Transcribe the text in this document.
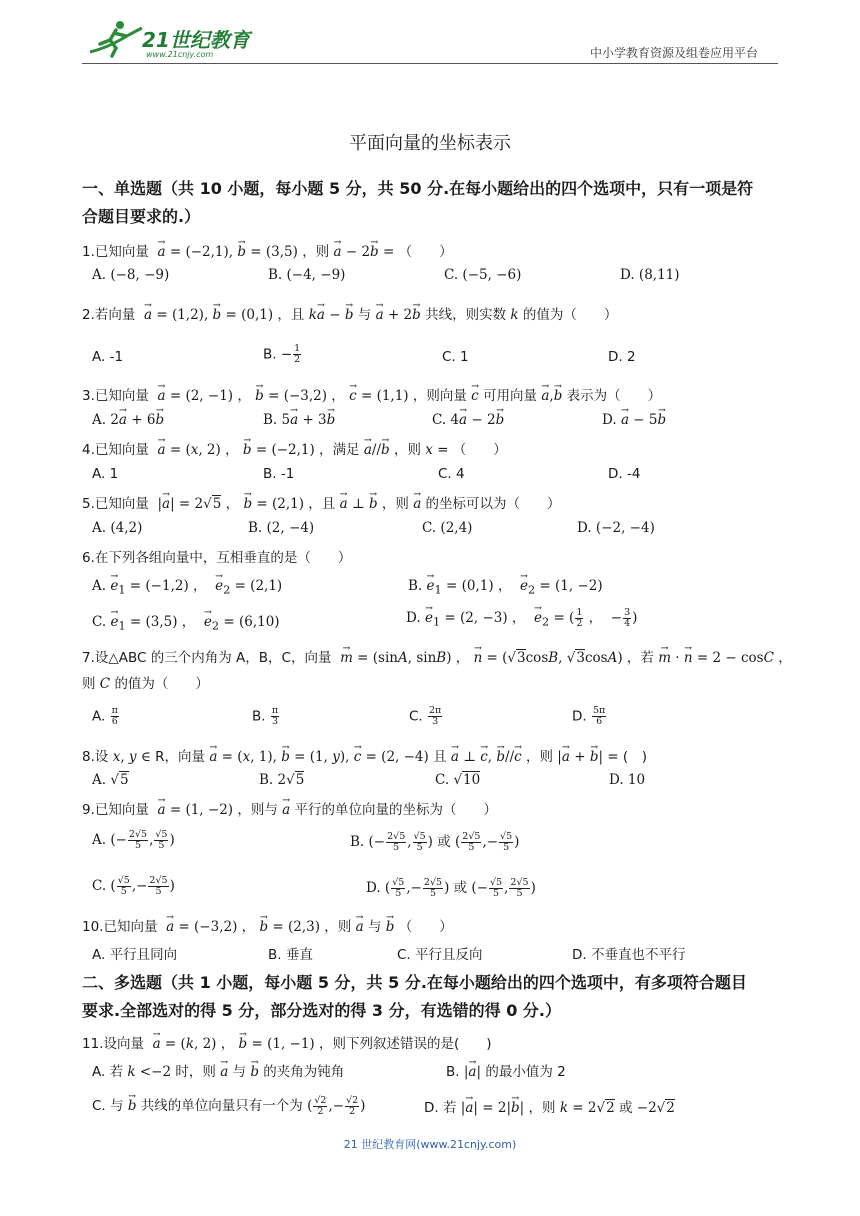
21世纪教育
www.21cnjy.com	中小学教育资源及组卷应用平台
平面向量的坐标表示
一、单选题（共 10 小题，每小题 5 分，共 50 分.在每小题给出的四个选项中，只有一项是符
合题目要求的.）
1.已知向量 → a = (−2,1), → b = (3,5) ，则 → a − 2→ b = （　　）
A. (−8, −9)	B. (−4, −9)	C. (−5, −6)	D. (8,11)
2.若向量 → a = (1,2), → b = (0,1) ，且 k→ a − → b 与 → a + 2→ b 共线，则实数 k 的值为（　　）
A. -1	B. − $\frac{1}{2}$	C. 1	D. 2
3.已知向量 → a = (2, −1) ， → b = (−3,2) ， → c = (1,1) ，则向量 → c 可用向量 → a,→ b 表示为（　　）
A. 2→ a + 6→ b	B. 5→ a + 3→ b	C. 4→ a − 2→ b	D. → a − 5→ b
4.已知向量 → a = (x, 2) ， → b = (−2,1) ，满足 → a//→ b ，则 x = （　　）
A. 1	B. -1	C. 4	D. -4
5.已知向量  |→ a| = 2√5 ， → b = (2,1) ，且 → a ⊥ → b ，则 → a 的坐标可以为（　　）
A. (4,2)	B. (2, −4)	C. (2,4)	D. (−2, −4)
6.在下列各组向量中，互相垂直的是（　　）
A. → $e_1 = (-1,2)$ ，  → $e_2 = (2,1)$	B. → $e_1 = (0,1)$ ，  → $e_2 = (1$, −2)
C. → $e_1 = (3,5)$ ，  → $e_2 = (6,10)$	D. → $e_1 = (2$, −3) ，  → $e_2$ = ( $\frac{1}{2}$ ，  − $\frac{3}{4}$ )
7.设△ABC 的三个内角为 A，B，C，向量 → m = (sinA, sinB) ， → n = (√3cosB, √3cosA) ，若 → m · → n = 2 − cosC ，
则 C 的值为（　　）
A. $\frac{\pi}{6}$	B. $\frac{\pi}{3}$	C. $\frac{2\pi}{3}$	D. $\frac{5\pi}{6}$
8.设 x, y ∈ R，向量 → a = (x, 1), → b = (1, y), → c = (2, −4) 且 → a ⊥ → c, → b//→ c ，则 |→ a + → b| = (　)
A. √5	B. 2√5	C. √10	D. 10
9.已知向量 → a = (1, −2) ，则与 → a 平行的单位向量的坐标为（　　）
A. (− $\frac{2√5}{5}$ , $\frac{√5}{5}$ )	B. (− $\frac{2√5}{5}$ , $\frac{√5}{5}$ ) 或 ( $\frac{2√5}{5}$ ,− $\frac{√5}{5}$ )
C. ( $\frac{√5}{5}$ ,− $\frac{2√5}{5}$ )	D. ( $\frac{√5}{5}$ ,− $\frac{2√5}{5}$ ) 或 (− $\frac{√5}{5}$ , $\frac{2√5}{5}$ )
10.已知向量 → a = (−3,2) ， → b = (2,3) ，则 → a 与 → b （　　）
A. 平行且同向	B. 垂直	C. 平行且反向	D. 不垂直也不平行
二、多选题（共 1 小题，每小题 5 分，共 5 分.在每小题给出的四个选项中，有多项符合题目
要求.全部选对的得 5 分，部分选对的得 3 分，有选错的得 0 分.）
11.设向量 → a = (k, 2) ， → b = (1, −1) ，则下列叙述错误的是(　　)
A. 若 k <−2 时，则 → a 与 → b 的夹角为钝角	B. |→ a| 的最小值为 2
C. 与 → b 共线的单位向量只有一个为 ( $\frac{√2}{2}$ ,− $\frac{√2}{2}$ )	D. 若 |→ a| = 2|→ b| ，则 k = 2√2 或 −2√2
21 世纪教育网(www.21cnjy.com)
